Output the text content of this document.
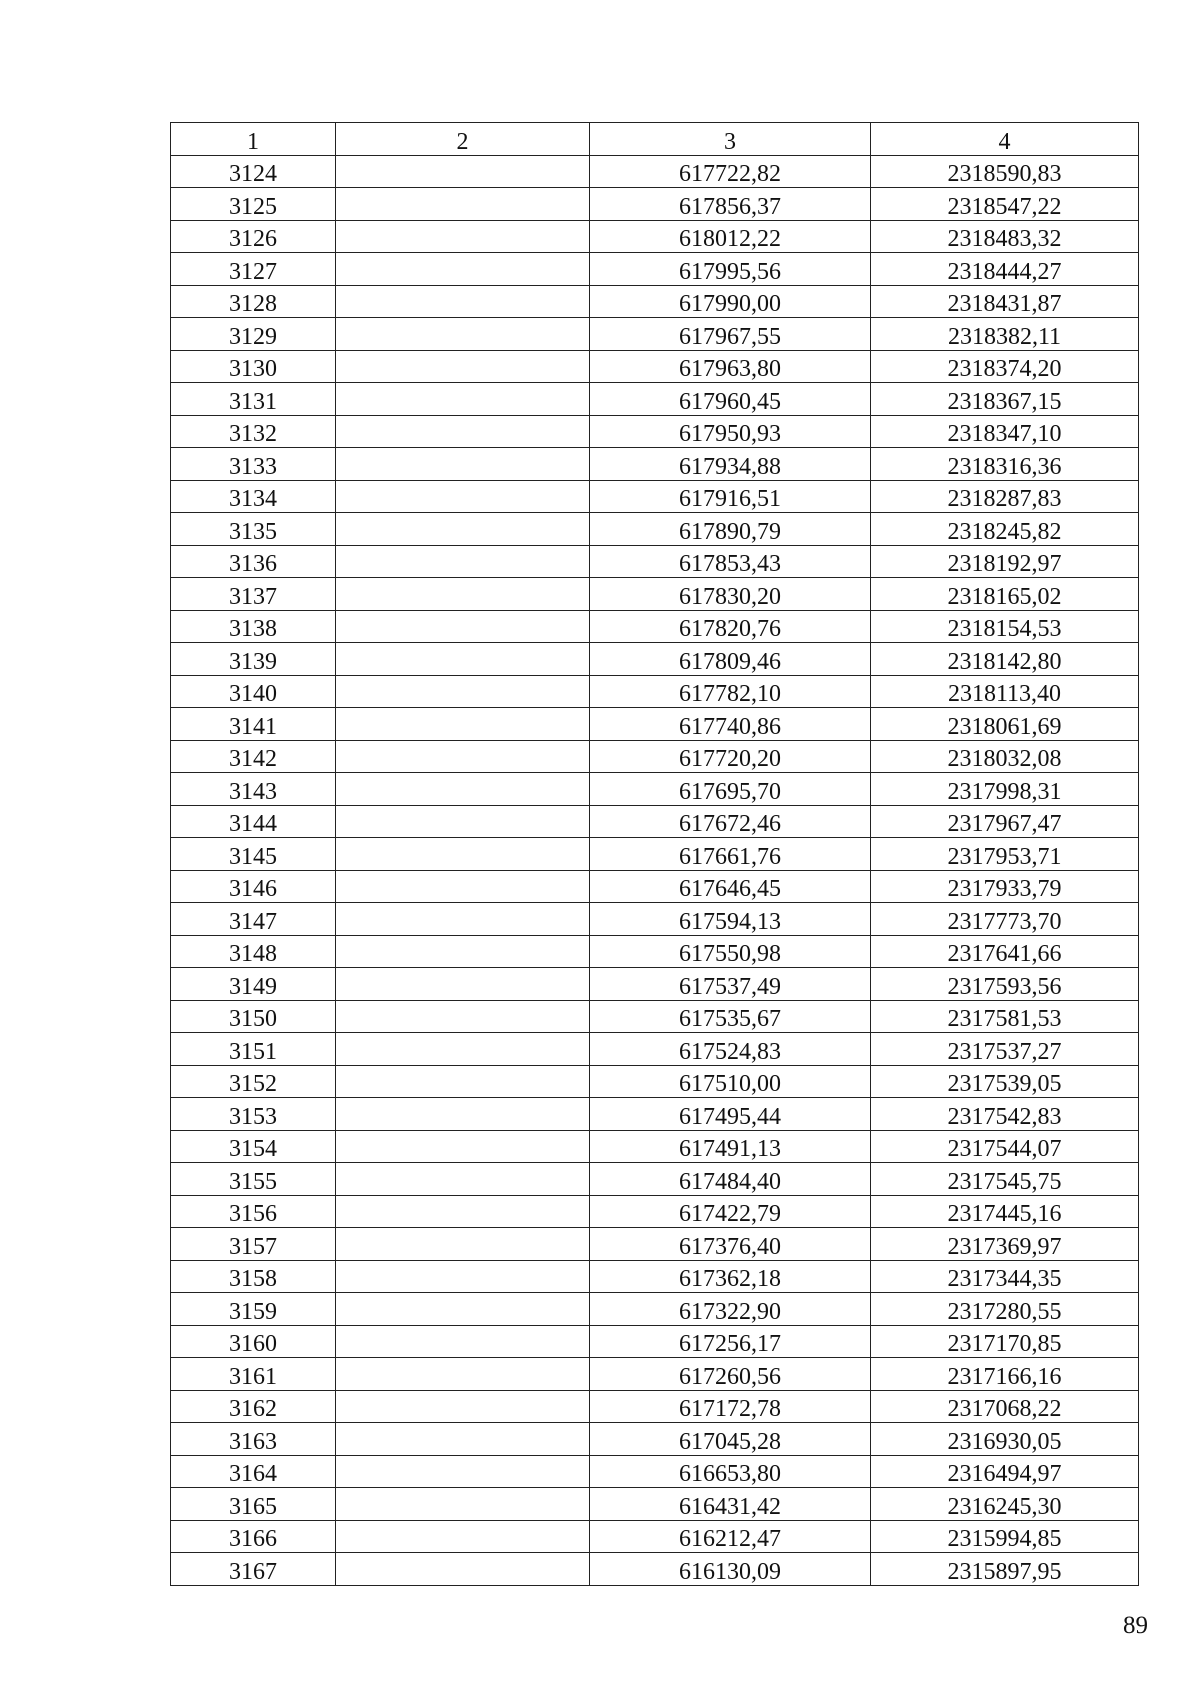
1	2	3	4
3124		617722,82	2318590,83
3125		617856,37	2318547,22
3126		618012,22	2318483,32
3127		617995,56	2318444,27
3128		617990,00	2318431,87
3129		617967,55	2318382,11
3130		617963,80	2318374,20
3131		617960,45	2318367,15
3132		617950,93	2318347,10
3133		617934,88	2318316,36
3134		617916,51	2318287,83
3135		617890,79	2318245,82
3136		617853,43	2318192,97
3137		617830,20	2318165,02
3138		617820,76	2318154,53
3139		617809,46	2318142,80
3140		617782,10	2318113,40
3141		617740,86	2318061,69
3142		617720,20	2318032,08
3143		617695,70	2317998,31
3144		617672,46	2317967,47
3145		617661,76	2317953,71
3146		617646,45	2317933,79
3147		617594,13	2317773,70
3148		617550,98	2317641,66
3149		617537,49	2317593,56
3150		617535,67	2317581,53
3151		617524,83	2317537,27
3152		617510,00	2317539,05
3153		617495,44	2317542,83
3154		617491,13	2317544,07
3155		617484,40	2317545,75
3156		617422,79	2317445,16
3157		617376,40	2317369,97
3158		617362,18	2317344,35
3159		617322,90	2317280,55
3160		617256,17	2317170,85
3161		617260,56	2317166,16
3162		617172,78	2317068,22
3163		617045,28	2316930,05
3164		616653,80	2316494,97
3165		616431,42	2316245,30
3166		616212,47	2315994,85
3167		616130,09	2315897,95
89
